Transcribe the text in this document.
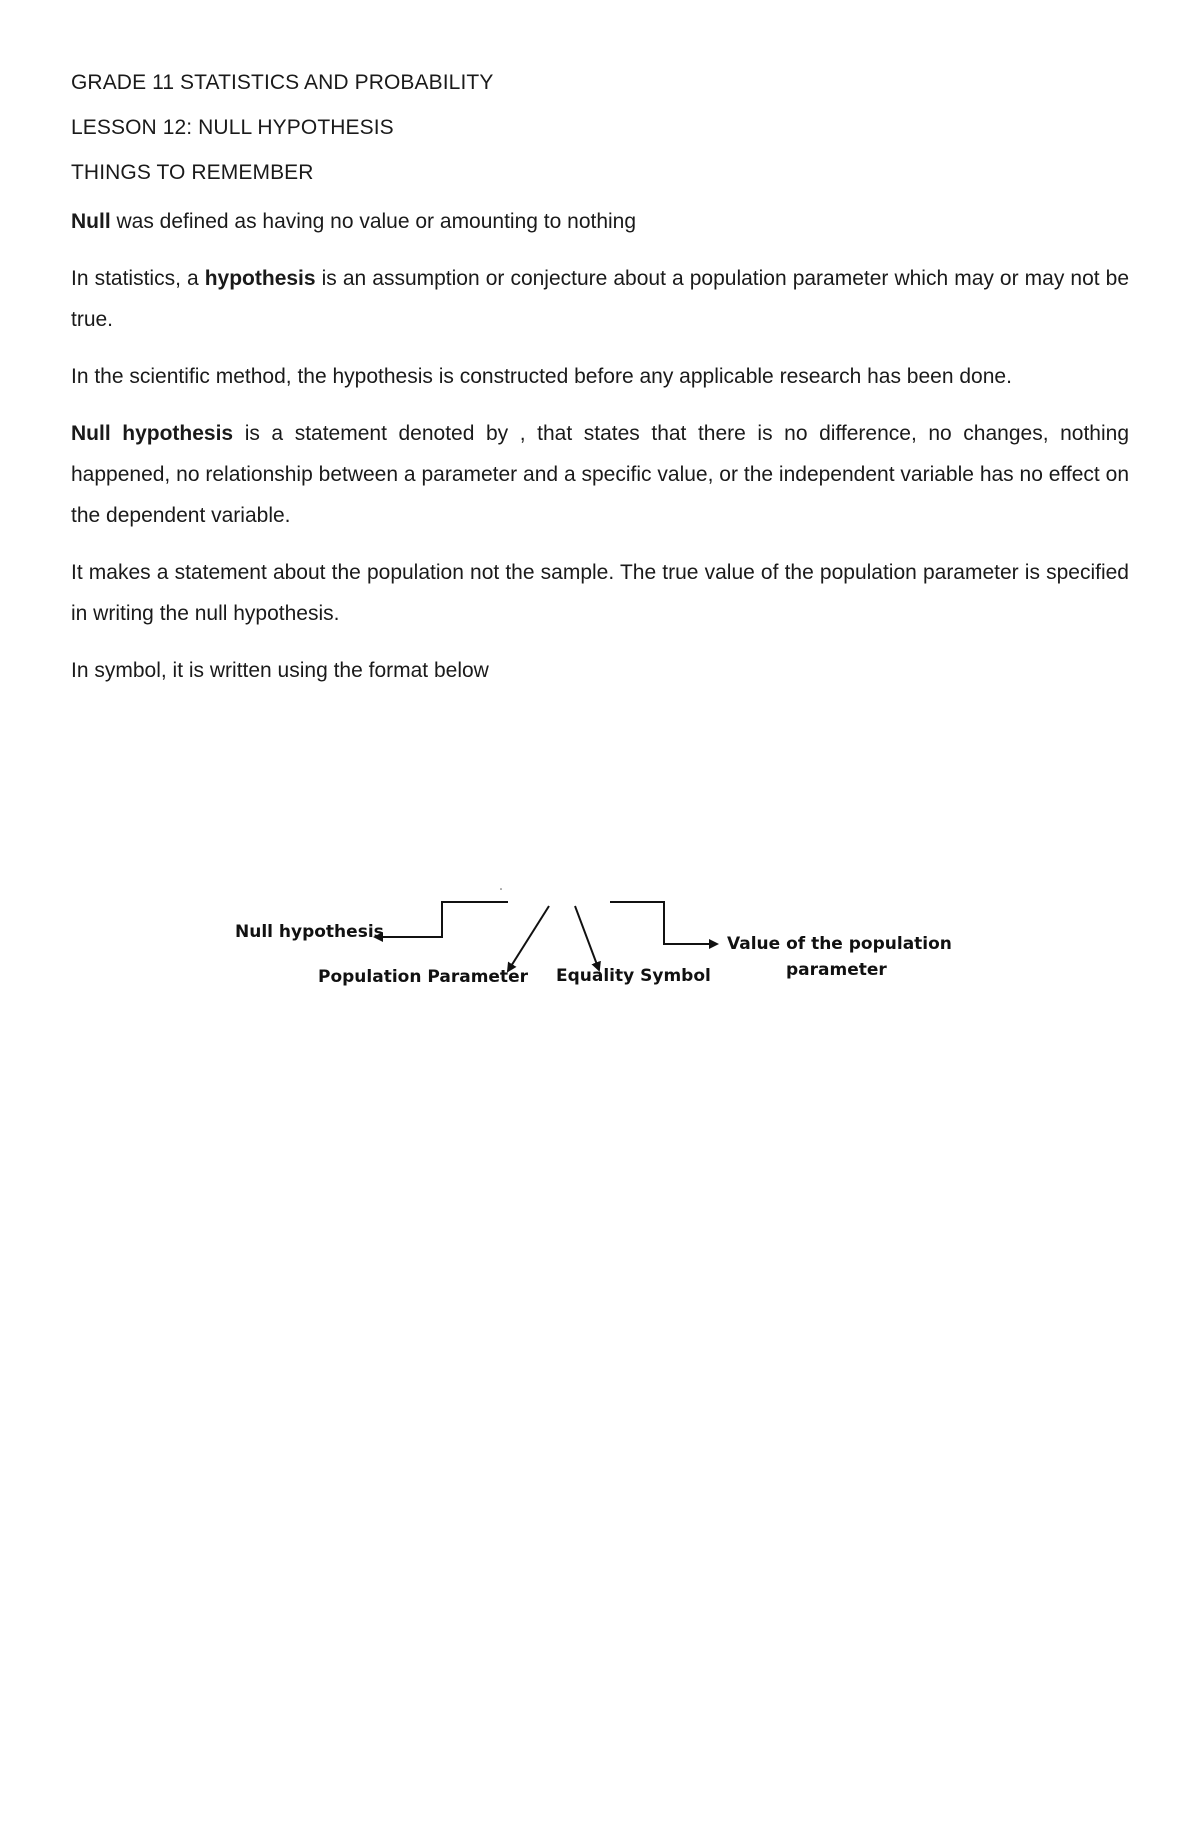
GRADE 11 STATISTICS AND PROBABILITY

LESSON 12: NULL HYPOTHESIS

THINGS TO REMEMBER

Null was defined as having no value or amounting to nothing

In statistics, a hypothesis is an assumption or conjecture about a population parameter which may or may not be true.

In the scientific method, the hypothesis is constructed before any applicable research has been done.

Null hypothesis is a statement denoted by , that states that there is no difference, no changes, nothing happened, no relationship between a parameter and a specific value, or the independent variable has no effect on the dependent variable.

It makes a statement about the population not the sample. The true value of the population parameter is specified in writing the null hypothesis.

In symbol, it is written using the format below

Null hypothesis
Population Parameter Equality Symbol
Value of the population
parameter
